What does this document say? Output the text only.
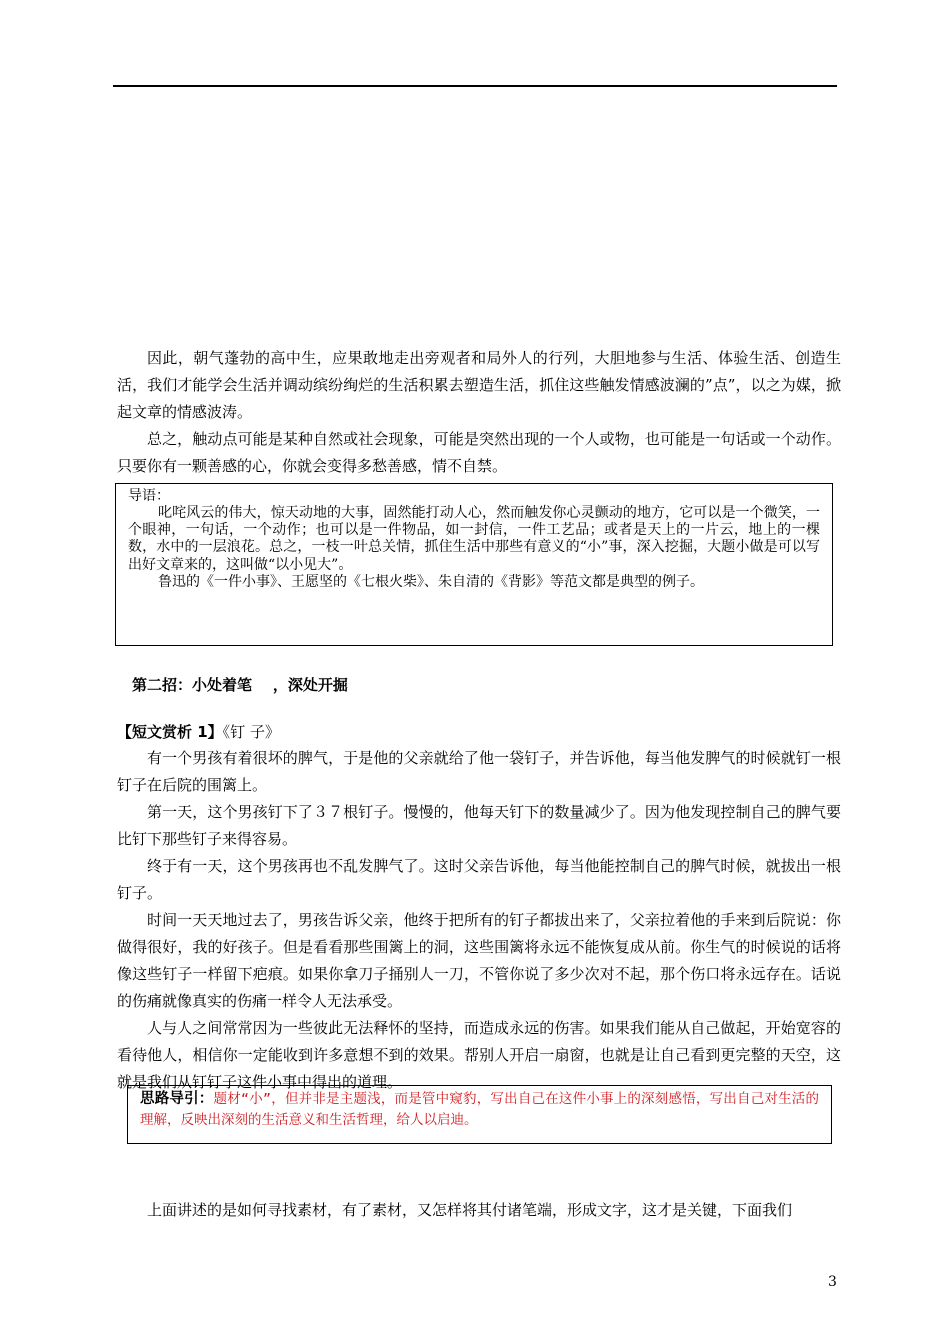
因此，朝气蓬勃的高中生，应果敢地走出旁观者和局外人的行列，大胆地参与生活、体验生活、创造生活，我们才能学会生活并调动缤纷绚烂的生活积累去塑造生活，抓住这些触发情感波澜的”点”，以之为媒，掀起文章的情感波涛。

总之，触动点可能是某种自然或社会现象，可能是突然出现的一个人或物，也可能是一句话或一个动作。只要你有一颗善感的心，你就会变得多愁善感，情不自禁。

导语：

叱咤风云的伟大，惊天动地的大事，固然能打动人心，然而触发你心灵颤动的地方，它可以是一个微笑，一个眼神，一句话，一个动作；也可以是一件物品，如一封信，一件工艺品；或者是天上的一片云，地上的一棵数，水中的一层浪花。总之，一枝一叶总关情，抓住生活中那些有意义的“小”事，深入挖掘，大题小做是可以写出好文章来的，这叫做“以小见大”。

鲁迅的《一件小事》、王愿坚的《七根火柴》、朱自清的《背影》等范文都是典型的例子。

第二招：小处着笔    ，深处开掘
【短文赏析 1】《钉 子》

有一个男孩有着很坏的脾气，于是他的父亲就给了他一袋钉子，并告诉他，每当他发脾气的时候就钉一根钉子在后院的围篱上。

第一天，这个男孩钉下了３７根钉子。慢慢的，他每天钉下的数量减少了。因为他发现控制自己的脾气要比钉下那些钉子来得容易。

终于有一天，这个男孩再也不乱发脾气了。这时父亲告诉他，每当他能控制自己的脾气时候，就拔出一根钉子。

时间一天天地过去了，男孩告诉父亲，他终于把所有的钉子都拔出来了，父亲拉着他的手来到后院说：你做得很好，我的好孩子。但是看看那些围篱上的洞，这些围篱将永远不能恢复成从前。你生气的时候说的话将像这些钉子一样留下疤痕。如果你拿刀子捅别人一刀，不管你说了多少次对不起，那个伤口将永远存在。话说的伤痛就像真实的伤痛一样令人无法承受。

人与人之间常常因为一些彼此无法释怀的坚持，而造成永远的伤害。如果我们能从自己做起，开始宽容的看待他人，相信你一定能收到许多意想不到的效果。帮别人开启一扇窗，也就是让自己看到更完整的天空，这就是我们从钉钉子这件小事中得出的道理。

思路导引：题材“小”，但并非是主题浅，而是管中窥豹，写出自己在这件小事上的深刻感悟，写出自己对生活的理解，反映出深刻的生活意义和生活哲理，给人以启迪。

上面讲述的是如何寻找素材，有了素材，又怎样将其付诸笔端，形成文字，这才是关键，下面我们

3
